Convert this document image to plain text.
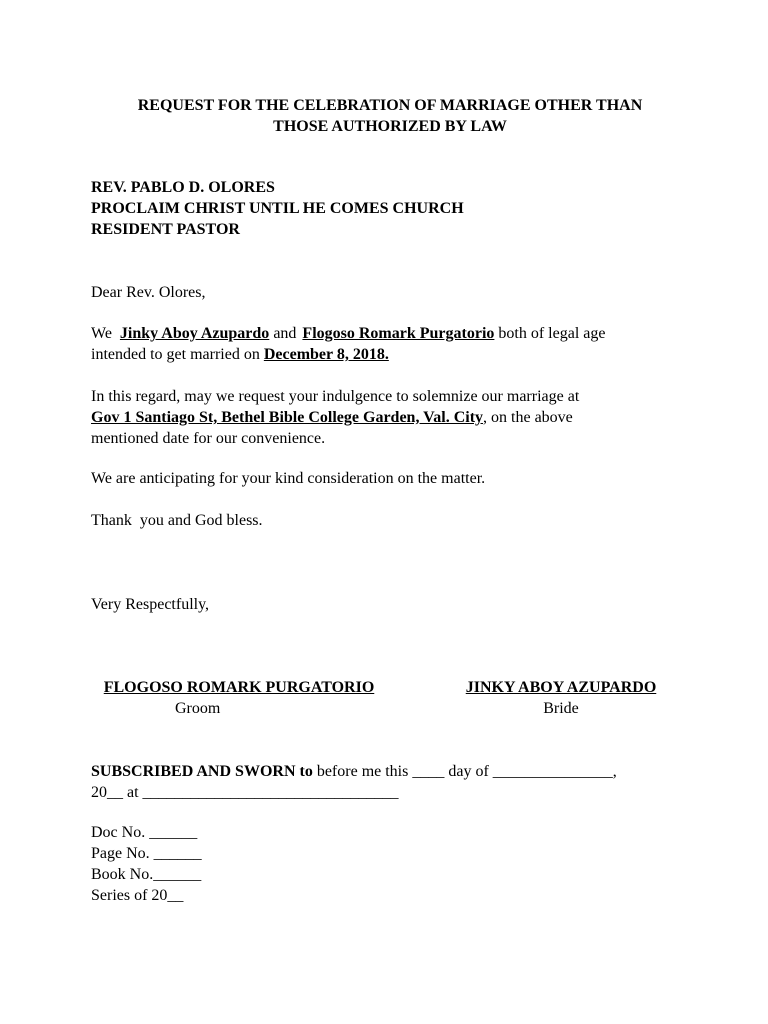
REQUEST FOR THE CELEBRATION OF MARRIAGE OTHER THAN
THOSE AUTHORIZED BY LAW
REV. PABLO D. OLORES
PROCLAIM CHRIST UNTIL HE COMES CHURCH
RESIDENT PASTOR

Dear Rev. Olores,

We Jinky Aboy Azupardo and Flogoso Romark Purgatorio both of legal age
intended to get married on December 8, 2018.

In this regard, may we request your indulgence to solemnize our marriage at
Gov 1 Santiago St, Bethel Bible College Garden, Val. City, on the above
mentioned date for our convenience.

We are anticipating for your kind consideration on the matter.

Thank  you and God bless.

Very Respectfully,

FLOGOSO ROMARK PURGATORIO
Groom
JINKY ABOY AZUPARDO
Bride

SUBSCRIBED AND SWORN to before me this ____ day of _______________,
20__ at ________________________________

Doc No. ______
Page No. ______
Book No.______
Series of 20__
